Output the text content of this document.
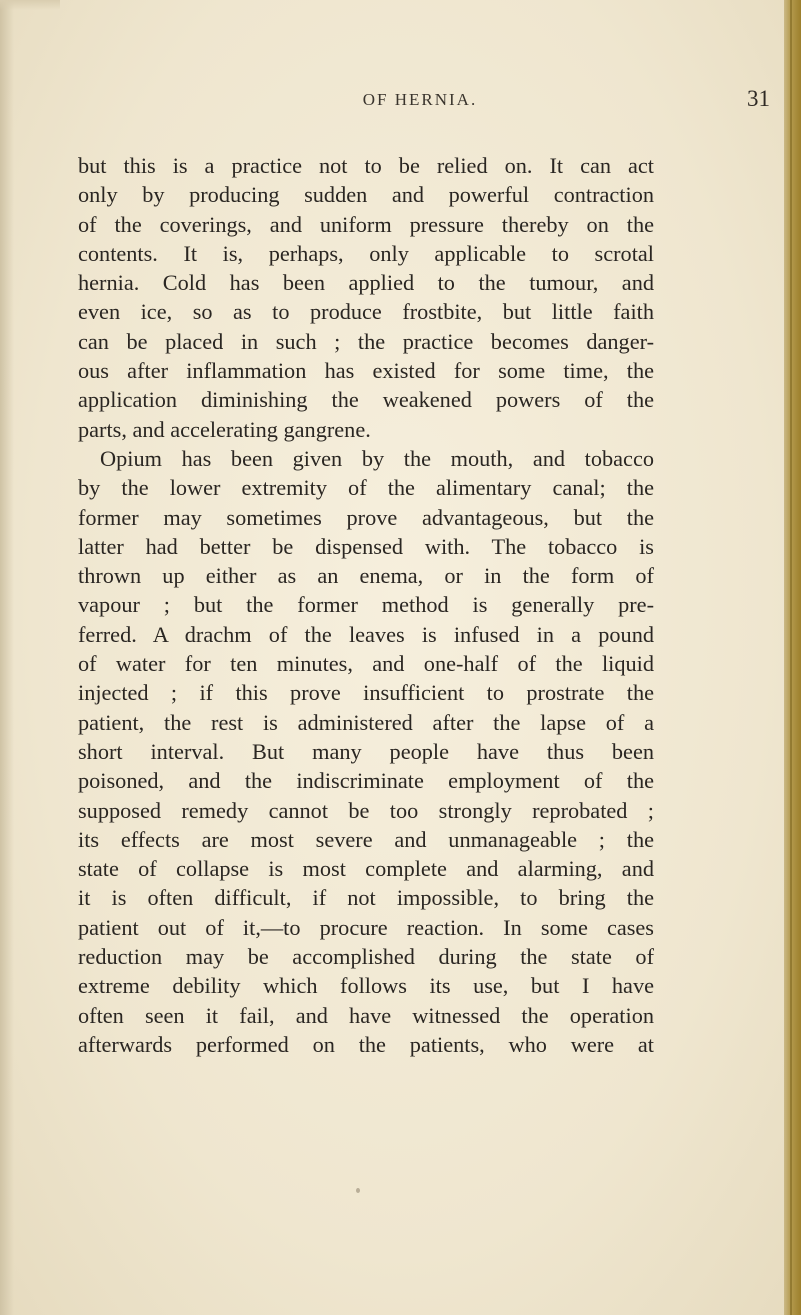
OF HERNIA.	31
but this is a practice not to be relied on. It can act
only by producing sudden and powerful contraction
of the coverings, and uniform pressure thereby on the
contents. It is, perhaps, only applicable to scrotal
hernia. Cold has been applied to the tumour, and
even ice, so as to produce frostbite, but little faith
can be placed in such ; the practice becomes danger-
ous after inflammation has existed for some time, the
application diminishing the weakened powers of the
parts, and accelerating gangrene.
Opium has been given by the mouth, and tobacco
by the lower extremity of the alimentary canal; the
former may sometimes prove advantageous, but the
latter had better be dispensed with. The tobacco is
thrown up either as an enema, or in the form of
vapour ; but the former method is generally pre-
ferred. A drachm of the leaves is infused in a pound
of water for ten minutes, and one-half of the liquid
injected ; if this prove insufficient to prostrate the
patient, the rest is administered after the lapse of a
short interval. But many people have thus been
poisoned, and the indiscriminate employment of the
supposed remedy cannot be too strongly reprobated ;
its effects are most severe and unmanageable ; the
state of collapse is most complete and alarming, and
it is often difficult, if not impossible, to bring the
patient out of it,—to procure reaction. In some cases
reduction may be accomplished during the state of
extreme debility which follows its use, but I have
often seen it fail, and have witnessed the operation
afterwards performed on the patients, who were at
